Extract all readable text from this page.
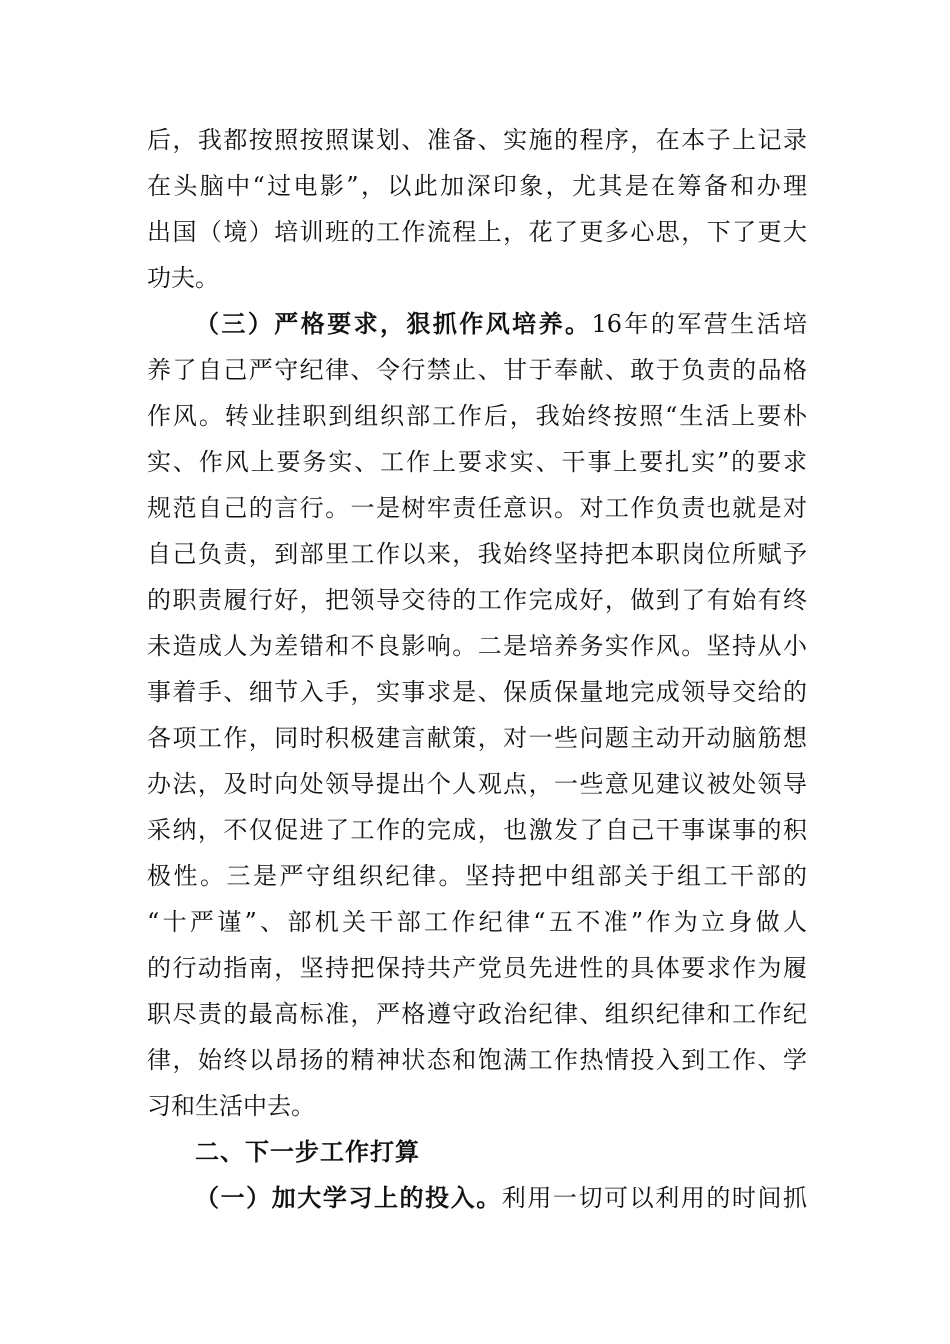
后，我都按照按照谋划、准备、实施的程序，在本子上记录
在头脑中“过电影”，以此加深印象，尤其是在筹备和办理
出国（境）培训班的工作流程上，花了更多心思，下了更大
功夫。
（三）严格要求，狠抓作风培养。16年的军营生活培
养了自己严守纪律、令行禁止、甘于奉献、敢于负责的品格
作风。转业挂职到组织部工作后，我始终按照“生活上要朴
实、作风上要务实、工作上要求实、干事上要扎实”的要求
规范自己的言行。一是树牢责任意识。对工作负责也就是对
自己负责，到部里工作以来，我始终坚持把本职岗位所赋予
的职责履行好，把领导交待的工作完成好，做到了有始有终
未造成人为差错和不良影响。二是培养务实作风。坚持从小
事着手、细节入手，实事求是、保质保量地完成领导交给的
各项工作，同时积极建言献策，对一些问题主动开动脑筋想
办法，及时向处领导提出个人观点，一些意见建议被处领导
采纳，不仅促进了工作的完成，也激发了自己干事谋事的积
极性。三是严守组织纪律。坚持把中组部关于组工干部的
“十严谨”、部机关干部工作纪律“五不准”作为立身做人
的行动指南，坚持把保持共产党员先进性的具体要求作为履
职尽责的最高标准，严格遵守政治纪律、组织纪律和工作纪
律，始终以昂扬的精神状态和饱满工作热情投入到工作、学
习和生活中去。
二、下一步工作打算
（一）加大学习上的投入。利用一切可以利用的时间抓
